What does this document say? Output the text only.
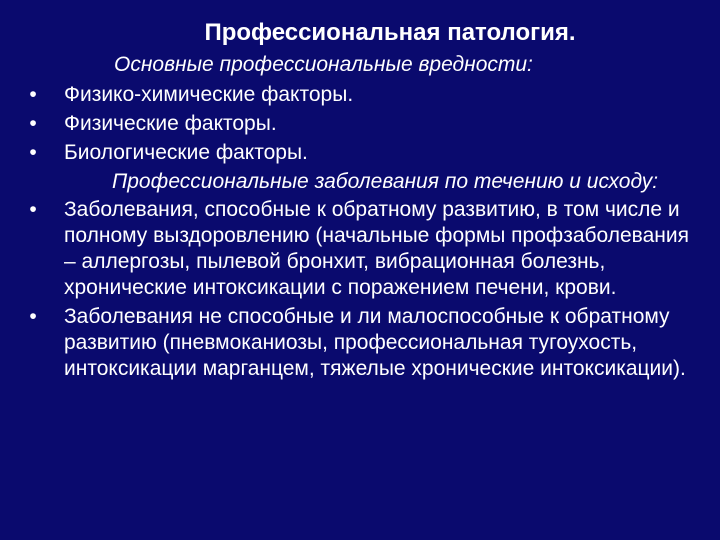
Профессиональная патология.

Основные профессиональные вредности:

• Физико-химические факторы.
• Физические факторы.
• Биологические факторы.

Профессиональные заболевания по течению и исходу:

• Заболевания, способные к обратному развитию, в том числе и полному выздоровлению (начальные формы профзаболевания – аллергозы, пылевой бронхит, вибрационная болезнь, хронические интоксикации с поражением печени, крови.
• Заболевания не способные и ли малоспособные к обратному развитию (пневмоканиозы, профессиональная тугоухость, интоксикации марганцем, тяжелые хронические интоксикации).
